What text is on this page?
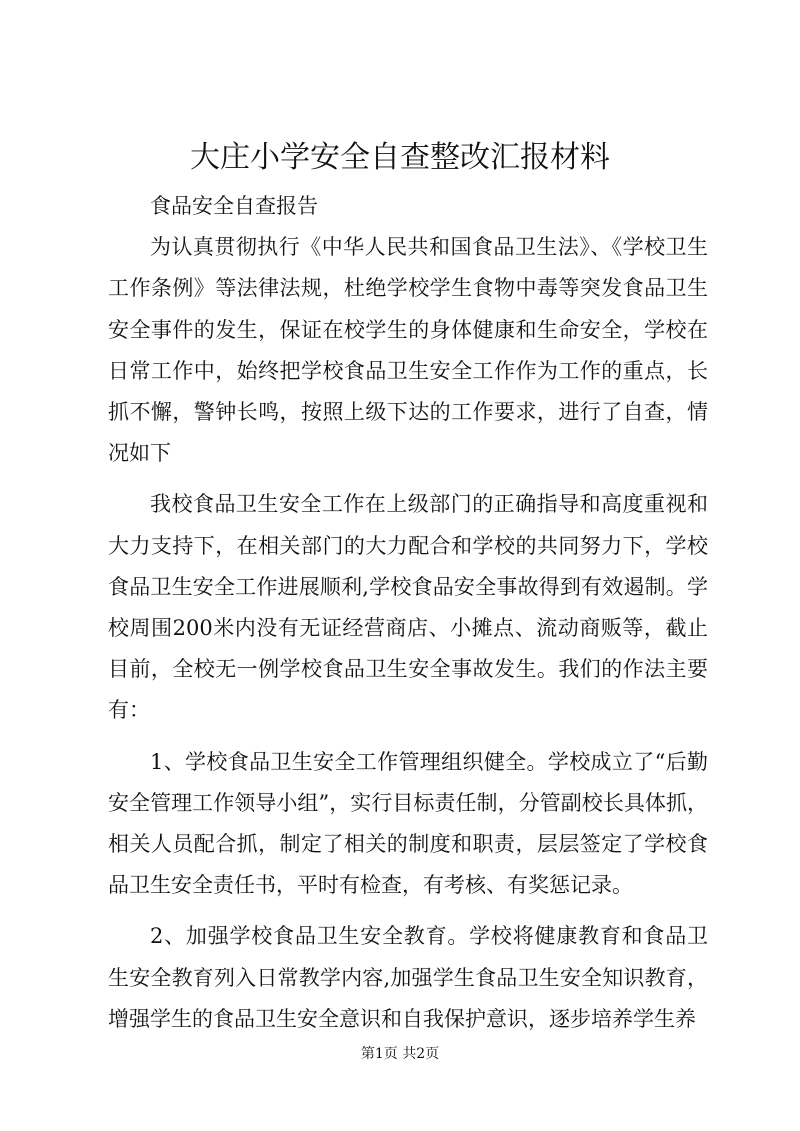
大庄小学安全自查整改汇报材料

食品安全自查报告

为认真贯彻执行《中华人民共和国食品卫生法》、《学校卫生工作条例》等法律法规，杜绝学校学生食物中毒等突发食品卫生安全事件的发生，保证在校学生的身体健康和生命安全，学校在日常工作中，始终把学校食品卫生安全工作作为工作的重点，长抓不懈，警钟长鸣，按照上级下达的工作要求，进行了自查，情况如下

我校食品卫生安全工作在上级部门的正确指导和高度重视和大力支持下，在相关部门的大力配合和学校的共同努力下，学校食品卫生安全工作进展顺利,学校食品安全事故得到有效遏制。学校周围200米内没有无证经营商店、小摊点、流动商贩等，截止目前，全校无一例学校食品卫生安全事故发生。我们的作法主要有：

1、学校食品卫生安全工作管理组织健全。学校成立了“后勤安全管理工作领导小组”，实行目标责任制，分管副校长具体抓，相关人员配合抓，制定了相关的制度和职责，层层签定了学校食品卫生安全责任书，平时有检查，有考核、有奖惩记录。

2、加强学校食品卫生安全教育。学校将健康教育和食品卫生安全教育列入日常教学内容,加强学生食品卫生安全知识教育，增强学生的食品卫生安全意识和自我保护意识，逐步培养学生养

第1页 共2页
